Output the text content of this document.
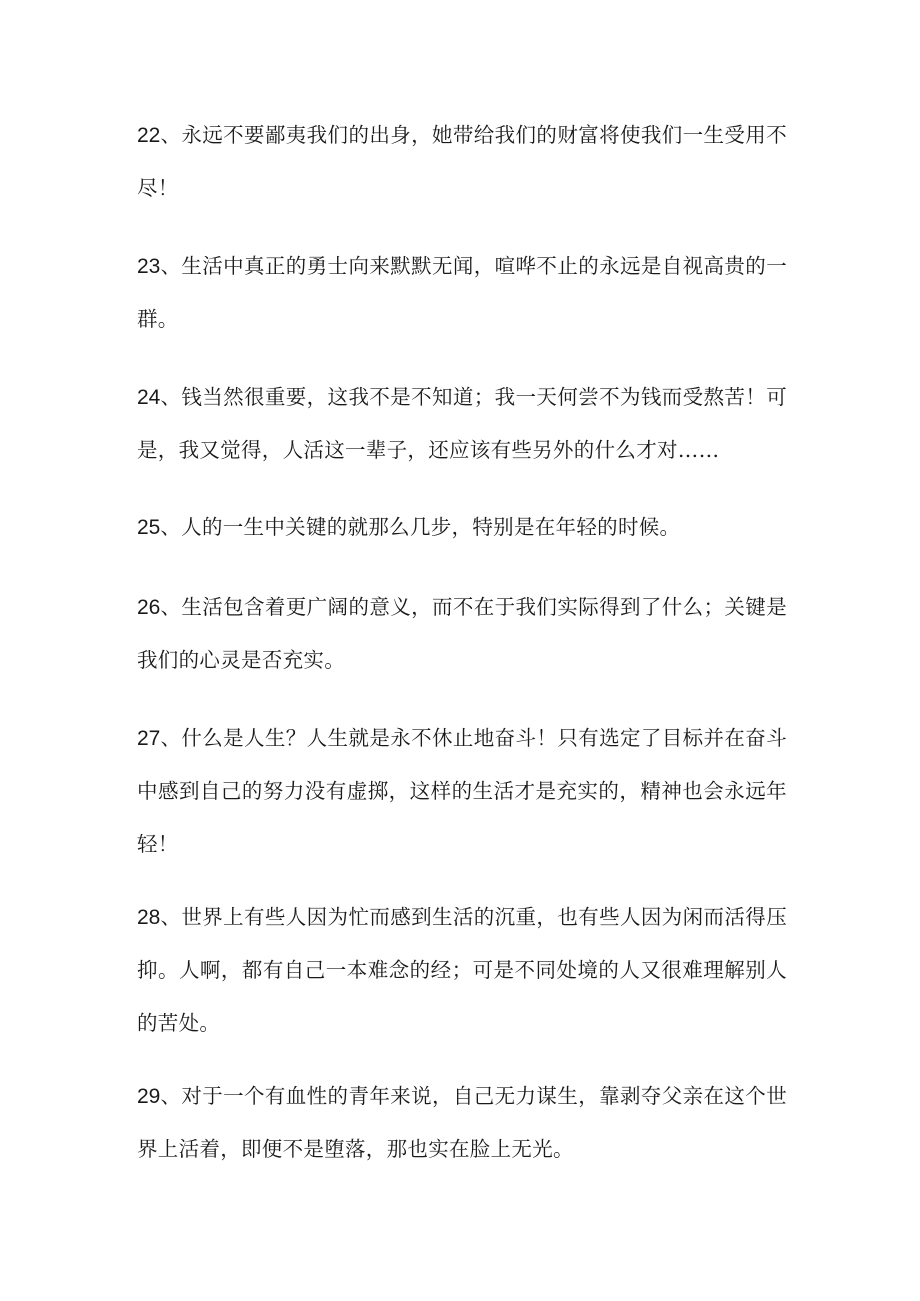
22、永远不要鄙夷我们的出身，她带给我们的财富将使我们一生受用不尽！

23、生活中真正的勇士向来默默无闻，喧哗不止的永远是自视高贵的一群。

24、钱当然很重要，这我不是不知道；我一天何尝不为钱而受熬苦！可是，我又觉得，人活这一辈子，还应该有些另外的什么才对……

25、人的一生中关键的就那么几步，特别是在年轻的时候。

26、生活包含着更广阔的意义，而不在于我们实际得到了什么；关键是我们的心灵是否充实。

27、什么是人生？人生就是永不休止地奋斗！只有选定了目标并在奋斗中感到自己的努力没有虚掷，这样的生活才是充实的，精神也会永远年轻！

28、世界上有些人因为忙而感到生活的沉重，也有些人因为闲而活得压抑。人啊，都有自己一本难念的经；可是不同处境的人又很难理解别人的苦处。

29、对于一个有血性的青年来说，自己无力谋生，靠剥夺父亲在这个世界上活着，即便不是堕落，那也实在脸上无光。
